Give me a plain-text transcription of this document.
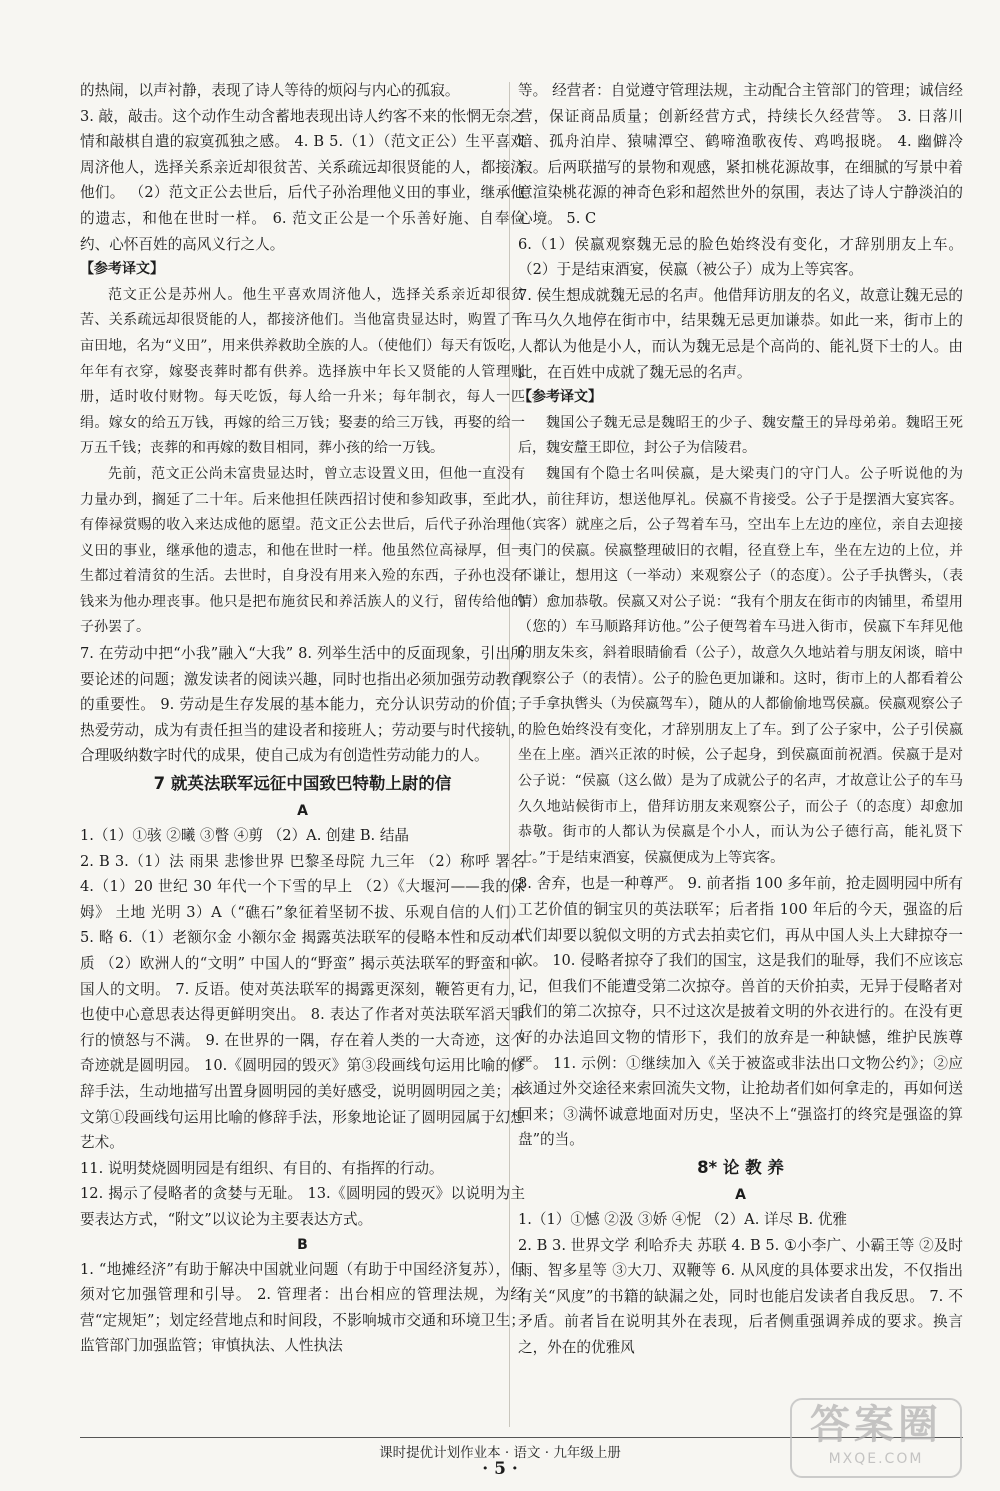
的热闹，以声衬静，表现了诗人等待的烦闷与内心的孤寂。

3. 敲，敲击。这个动作生动含蓄地表现出诗人约客不来的怅惘无奈之情和敲棋自遣的寂寞孤独之感。 4. B 5.（1）（范文正公）生平喜欢周济他人，选择关系亲近却很贫苦、关系疏远却很贤能的人，都接济他们。 （2）范文正公去世后，后代子孙治理他义田的事业，继承他的遗志，和他在世时一样。 6. 范文正公是一个乐善好施、自奉俭约、心怀百姓的高风义行之人。

【参考译文】

范文正公是苏州人。他生平喜欢周济他人，选择关系亲近却很贫苦、关系疏远却很贤能的人，都接济他们。当他富贵显达时，购置了千亩田地，名为“义田”，用来供养救助全族的人。（使他们）每天有饭吃，年年有衣穿，嫁娶丧葬时都有供养。选择族中年长又贤能的人管理账册，适时收付财物。每天吃饭，每人给一升米；每年制衣，每人一匹绢。嫁女的给五万钱，再嫁的给三万钱；娶妻的给三万钱，再娶的给一万五千钱；丧葬的和再嫁的数目相同，葬小孩的给一万钱。

先前，范文正公尚未富贵显达时，曾立志设置义田，但他一直没有力量办到，搁延了二十年。后来他担任陕西招讨使和参知政事，至此才有俸禄赏赐的收入来达成他的愿望。范文正公去世后，后代子孙治理他义田的事业，继承他的遗志，和他在世时一样。他虽然位高禄厚，但一生都过着清贫的生活。去世时，自身没有用来入殓的东西，子孙也没有钱来为他办理丧事。他只是把布施贫民和养活族人的义行，留传给他的子孙罢了。

7. 在劳动中把“小我”融入“大我” 8. 列举生活中的反面现象，引出所要论述的问题；激发读者的阅读兴趣，同时也指出必须加强劳动教育的重要性。 9. 劳动是生存发展的基本能力，充分认识劳动的价值；热爱劳动，成为有责任担当的建设者和接班人；劳动要与时代接轨，合理吸纳数字时代的成果，使自己成为有创造性劳动能力的人。

7 就英法联军远征中国致巴特勒上尉的信

A

1.（1）①骇 ②曦 ③瞥 ④剪 （2）A. 创建 B. 结晶

2. B 3.（1）法 雨果 悲惨世界 巴黎圣母院 九三年 （2）称呼 署名 4.（1）20 世纪 30 年代一个下雪的早上 （2）《大堰河——我的保姆》 土地 光明 3）A（“礁石”象征着坚韧不拔、乐观自信的人们） 5. 略 6.（1）老额尔金 小额尔金 揭露英法联军的侵略本性和反动本质 （2）欧洲人的“文明” 中国人的“野蛮” 揭示英法联军的野蛮和中国人的文明。 7. 反语。使对英法联军的揭露更深刻，鞭笞更有力，也使中心意思表达得更鲜明突出。 8. 表达了作者对英法联军滔天罪行的愤怒与不满。 9. 在世界的一隅，存在着人类的一大奇迹，这个奇迹就是圆明园。 10.《圆明园的毁灭》第③段画线句运用比喻的修辞手法，生动地描写出置身圆明园的美好感受，说明圆明园之美；本文第①段画线句运用比喻的修辞手法，形象地论证了圆明园属于幻想艺术。

11. 说明焚烧圆明园是有组织、有目的、有指挥的行动。

12. 揭示了侵略者的贪婪与无耻。 13.《圆明园的毁灭》以说明为主要表达方式，“附文”以议论为主要表达方式。

B

1. “地摊经济”有助于解决中国就业问题（有助于中国经济复苏），但须对它加强管理和引导。 2. 管理者：出台相应的管理法规，为经营“定规矩”；划定经营地点和时间段，不影响城市交通和环境卫生；监管部门加强监管；审慎执法、人性执法

等。 经营者：自觉遵守管理法规，主动配合主管部门的管理；诚信经营，保证商品质量；创新经营方式，持续长久经营等。 3. 日落川暗、孤舟泊岸、猿啸潭空、鹤啼渔歌夜传、鸡鸣报晓。 4. 幽僻冷寂。后两联描写的景物和观感，紧扣桃花源故事，在细腻的写景中着意渲染桃花源的神奇色彩和超然世外的氛围，表达了诗人宁静淡泊的心境。 5. C

6.（1）侯嬴观察魏无忌的脸色始终没有变化，才辞别朋友上车。 （2）于是结束酒宴，侯嬴（被公子）成为上等宾客。

7. 侯生想成就魏无忌的名声。他借拜访朋友的名义，故意让魏无忌的车马久久地停在街市中，结果魏无忌更加谦恭。如此一来，街市上的人都认为他是小人，而认为魏无忌是个高尚的、能礼贤下士的人。由此，在百姓中成就了魏无忌的名声。

【参考译文】

魏国公子魏无忌是魏昭王的少子、魏安釐王的异母弟弟。魏昭王死后，魏安釐王即位，封公子为信陵君。

魏国有个隐士名叫侯嬴，是大梁夷门的守门人。公子听说他的为人，前往拜访，想送他厚礼。侯嬴不肯接受。公子于是摆酒大宴宾客。（宾客）就座之后，公子驾着车马，空出车上左边的座位，亲自去迎接夷门的侯嬴。侯嬴整理破旧的衣帽，径直登上车，坐在左边的上位，并不谦让，想用这（一举动）来观察公子（的态度）。公子手执辔头，（表情）愈加恭敬。侯嬴又对公子说：“我有个朋友在街市的肉铺里，希望用（您的）车马顺路拜访他。”公子便驾着车马进入街市，侯嬴下车拜见他的朋友朱亥，斜着眼睛偷看（公子），故意久久地站着与朋友闲谈，暗中观察公子（的表情）。公子的脸色更加谦和。这时，街市上的人都看着公子手拿执辔头（为侯嬴驾车），随从的人都偷偷地骂侯嬴。侯嬴观察公子的脸色始终没有变化，才辞别朋友上了车。到了公子家中，公子引侯嬴坐在上座。酒兴正浓的时候，公子起身，到侯嬴面前祝酒。侯嬴于是对公子说：“侯嬴（这么做）是为了成就公子的名声，才故意让公子的车马久久地站候街市上，借拜访朋友来观察公子，而公子（的态度）却愈加恭敬。街市的人都认为侯嬴是个小人，而认为公子德行高，能礼贤下士。”于是结束酒宴，侯嬴便成为上等宾客。

8. 舍弃，也是一种尊严。 9. 前者指 100 多年前，抢走圆明园中所有工艺价值的铜宝贝的英法联军；后者指 100 年后的今天，强盗的后代们却要以貌似文明的方式去拍卖它们，再从中国人头上大肆掠夺一次。 10. 侵略者掠夺了我们的国宝，这是我们的耻辱，我们不应该忘记，但我们不能遭受第二次掠夺。兽首的天价拍卖，无异于侵略者对我们的第二次掠夺，只不过这次是披着文明的外衣进行的。在没有更好的办法追回文物的情形下，我们的放弃是一种缺憾，维护民族尊严。 11. 示例：①继续加入《关于被盗或非法出口文物公约》；②应该通过外交途径来索回流失文物，让抢劫者们如何拿走的，再如何送回来；③满怀诚意地面对历史，坚决不上“强盗打的终究是强盗的算盘”的当。

8* 论 教 养

A

1.（1）①憾 ②汲 ③娇 ④怩 （2）A. 详尽 B. 优雅

2. B 3. 世界文学 利哈乔夫 苏联 4. B 5. ①小李广、小霸王等 ②及时雨、智多星等 ③大刀、双鞭等 6. 从风度的具体要求出发，不仅指出有关“风度”的书籍的缺漏之处，同时也能启发读者自我反思。 7. 不矛盾。前者旨在说明其外在表现，后者侧重强调养成的要求。换言之，外在的优雅风

课时提优计划作业本 · 语文 · 九年级上册
· 5 ·
答案圈
MXQE.COM
